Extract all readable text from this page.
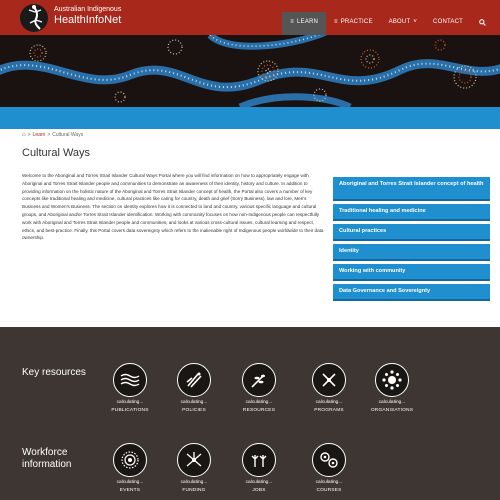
Australian Indigenous
HealthInfoNet	≡ LEARN	≡ PRACTICE	ABOUT ˅	CONTACT
⌂ > Learn > Cultural Ways
Cultural Ways

Welcome to the Aboriginal and Torres Strait Islander Cultural Ways Portal where you will find information on how to appropriately engage with Aboriginal and Torres Strait Islander people and communities to demonstrate an awareness of their identity, history and culture. In addition to providing information on the holistic nature of the Aboriginal and Torres Strait Islander concept of health, the Portal also covers a number of key concepts like traditional healing and medicine, cultural practices like caring for country, death and grief (Sorry Business), law and lore, Men's Business and Women's Business. The section on identity explores how it is connected to land and country, various specific language and cultural groups, and Aboriginal and/or Torres Strait Islander identification. Working with community focuses on how non-Indigenous people can respectfully work with Aboriginal and Torres Strait Islander people and communities, and looks at various cross-cultural issues, cultural learning and respect, ethics, and best-practice. Finally, this Portal covers data sovereignty which refers to the inalienable right of Indigenous people worldwide to their data ownership.

Aboriginal and Torres Strait Islander concept of health
Traditional healing and medicine
Cultural practices
Identity
Working with community
Data Governance and Sovereignty
Key resources
calculating...
PUBLICATIONS
calculating...
POLICIES
calculating...
RESOURCES
calculating...
PROGRAMS
calculating...
ORGANISATIONS
Workforce
information
calculating...
EVENTS
calculating...
FUNDING
calculating...
JOBS
calculating...
COURSES
